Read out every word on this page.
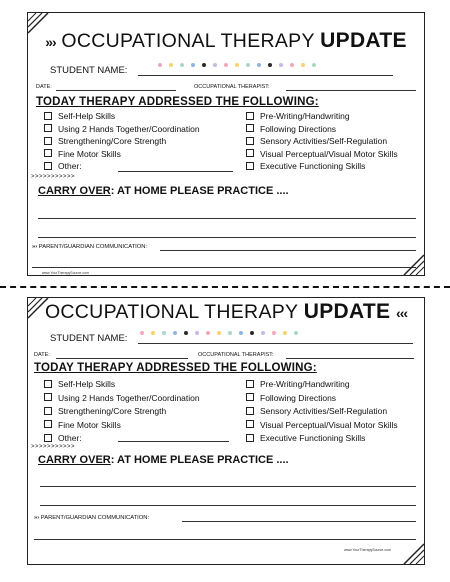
»› OCCUPATIONAL THERAPY UPDATE
STUDENT NAME:
DATE:	OCCUPATIONAL THERAPIST:
TODAY THERAPY ADDRESSED THE FOLLOWING:
Self-Help Skills
Using 2 Hands Together/Coordination
Strengthening/Core Strength
Fine Motor Skills
Other:
Pre-Writing/Handwriting
Following Directions
Sensory Activities/Self-Regulation
Visual Perceptual/Visual Motor Skills
Executive Functioning Skills
>>>>>>>>>>>
CARRY OVER: AT HOME PLEASE PRACTICE ....
»› PARENT/GUARDIAN COMMUNICATION:
www.YourTherapySource.com
OCCUPATIONAL THERAPY UPDATE ‹‹‹
STUDENT NAME:
DATE:	OCCUPATIONAL THERAPIST:
TODAY THERAPY ADDRESSED THE FOLLOWING:
Self-Help Skills
Using 2 Hands Together/Coordination
Strengthening/Core Strength
Fine Motor Skills
Other:
Pre-Writing/Handwriting
Following Directions
Sensory Activities/Self-Regulation
Visual Perceptual/Visual Motor Skills
Executive Functioning Skills
>>>>>>>>>>>
CARRY OVER: AT HOME PLEASE PRACTICE ....
»› PARENT/GUARDIAN COMMUNICATION:
www.YourTherapySource.com
